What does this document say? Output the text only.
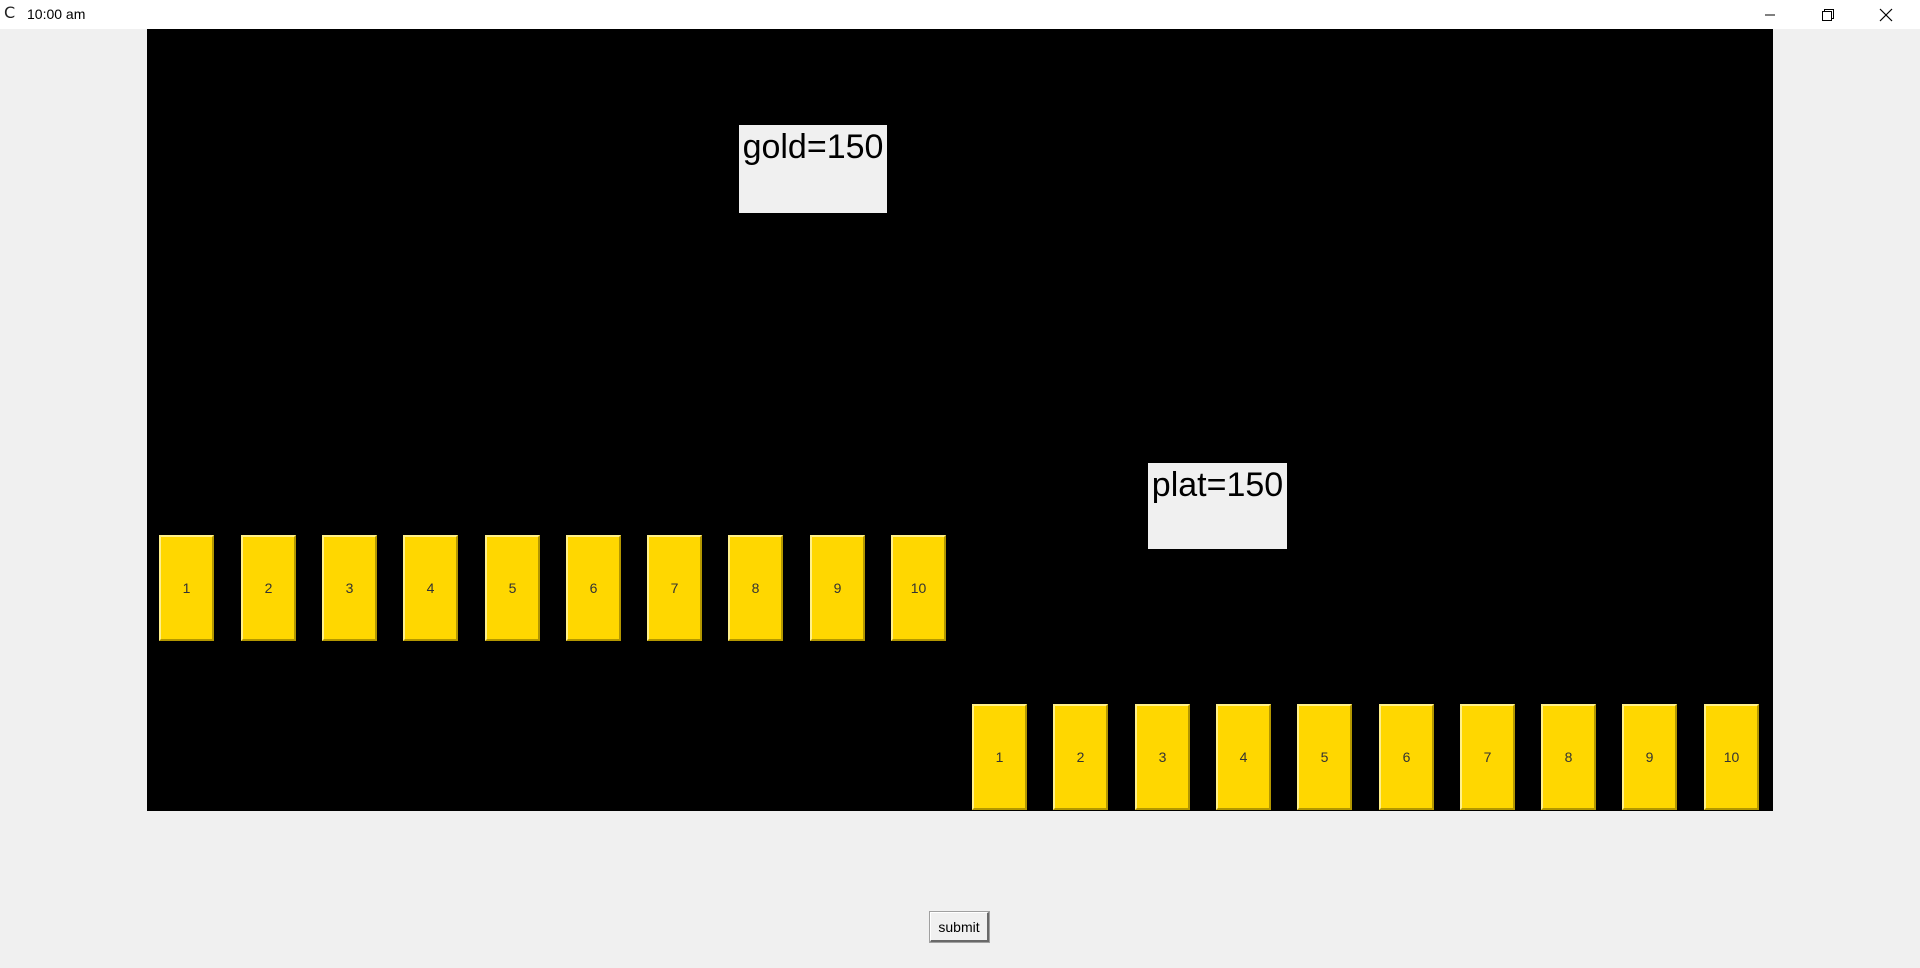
C 10:00 am
gold=150
plat=150
1	2	3	4	5	6	7	8	9	10
1	2	3	4	5	6	7	8	9	10
submit
